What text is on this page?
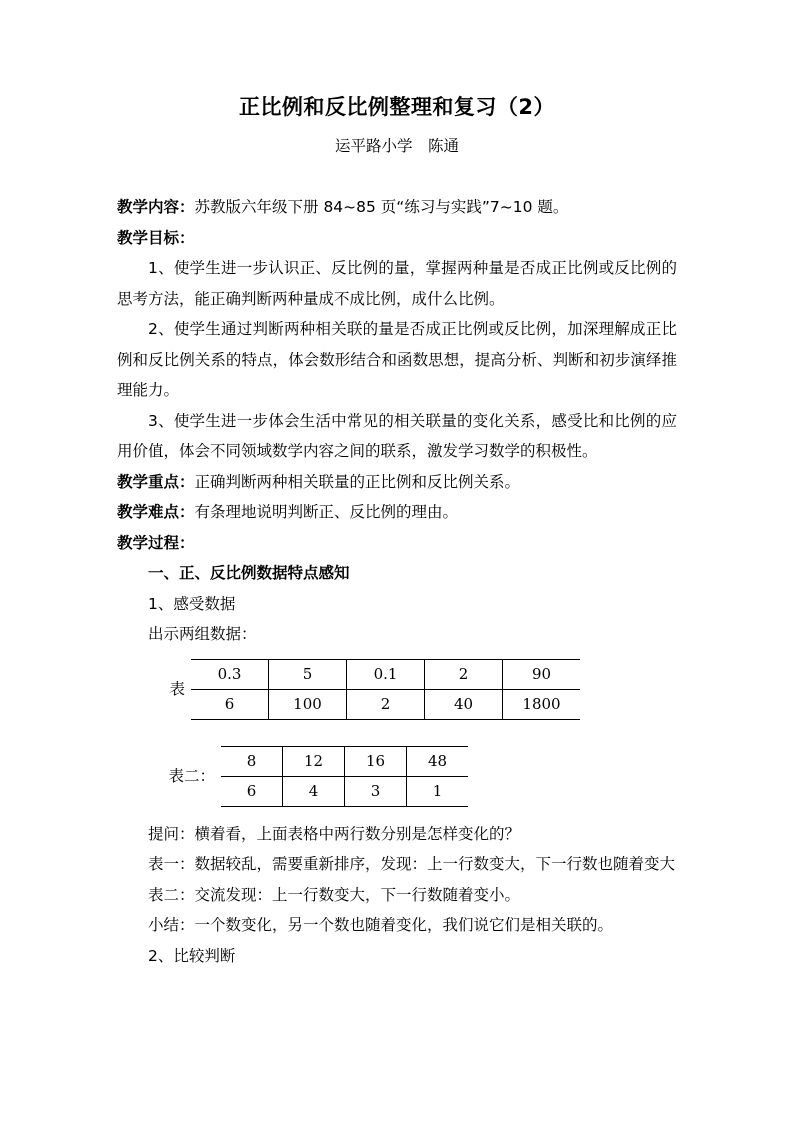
正比例和反比例整理和复习（2）
运平路小学　陈通

教学内容：苏教版六年级下册 84~85 页“练习与实践”7~10 题。

教学目标：

1、使学生进一步认识正、反比例的量，掌握两种量是否成正比例或反比例的思考方法，能正确判断两种量成不成比例，成什么比例。

2、使学生通过判断两种相关联的量是否成正比例或反比例，加深理解成正比例和反比例关系的特点，体会数形结合和函数思想，提高分析、判断和初步演绎推理能力。

3、使学生进一步体会生活中常见的相关联量的变化关系，感受比和比例的应用价值，体会不同领域数学内容之间的联系，激发学习数学的积极性。

教学重点：正确判断两种相关联量的正比例和反比例关系。

教学难点：有条理地说明判断正、反比例的理由。

教学过程：

一、正、反比例数据特点感知

1、感受数据

出示两组数据：

表
0.3	5	0.1	2	90
6	100	2	40	1800
表二：
8	12	16	48
6	4	3	1

提问：横着看，上面表格中两行数分别是怎样变化的？

表一：数据较乱，需要重新排序，发现：上一行数变大，下一行数也随着变大

表二：交流发现：上一行数变大，下一行数随着变小。

小结：一个数变化，另一个数也随着变化，我们说它们是相关联的。

2、比较判断
